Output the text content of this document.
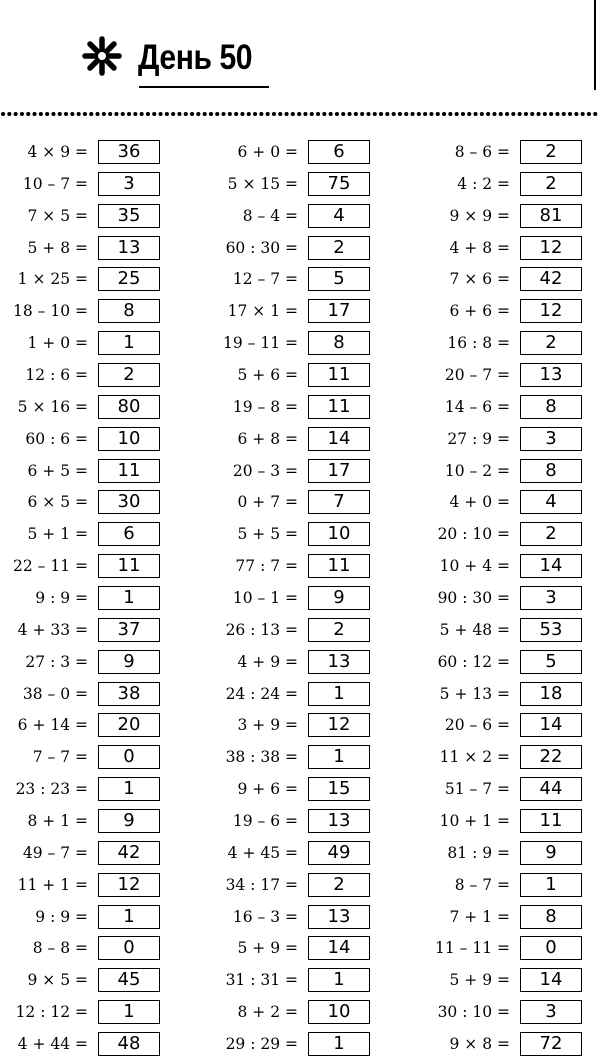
День 50
4 × 9 =	36
10 – 7 =	3
7 × 5 =	35
5 + 8 =	13
1 × 25 =	25
18 – 10 =	8
1 + 0 =	1
12 : 6 =	2
5 × 16 =	80
60 : 6 =	10
6 + 5 =	11
6 × 5 =	30
5 + 1 =	6
22 – 11 =	11
9 : 9 =	1
4 + 33 =	37
27 : 3 =	9
38 – 0 =	38
6 + 14 =	20
7 – 7 =	0
23 : 23 =	1
8 + 1 =	9
49 – 7 =	42
11 + 1 =	12
9 : 9 =	1
8 – 8 =	0
9 × 5 =	45
12 : 12 =	1
4 + 44 =	48
6 + 0 =	6
5 × 15 =	75
8 – 4 =	4
60 : 30 =	2
12 – 7 =	5
17 × 1 =	17
19 – 11 =	8
5 + 6 =	11
19 – 8 =	11
6 + 8 =	14
20 – 3 =	17
0 + 7 =	7
5 + 5 =	10
77 : 7 =	11
10 – 1 =	9
26 : 13 =	2
4 + 9 =	13
24 : 24 =	1
3 + 9 =	12
38 : 38 =	1
9 + 6 =	15
19 – 6 =	13
4 + 45 =	49
34 : 17 =	2
16 – 3 =	13
5 + 9 =	14
31 : 31 =	1
8 + 2 =	10
29 : 29 =	1
8 – 6 =	2
4 : 2 =	2
9 × 9 =	81
4 + 8 =	12
7 × 6 =	42
6 + 6 =	12
16 : 8 =	2
20 – 7 =	13
14 – 6 =	8
27 : 9 =	3
10 – 2 =	8
4 + 0 =	4
20 : 10 =	2
10 + 4 =	14
90 : 30 =	3
5 + 48 =	53
60 : 12 =	5
5 + 13 =	18
20 – 6 =	14
11 × 2 =	22
51 – 7 =	44
10 + 1 =	11
81 : 9 =	9
8 – 7 =	1
7 + 1 =	8
11 – 11 =	0
5 + 9 =	14
30 : 10 =	3
9 × 8 =	72
